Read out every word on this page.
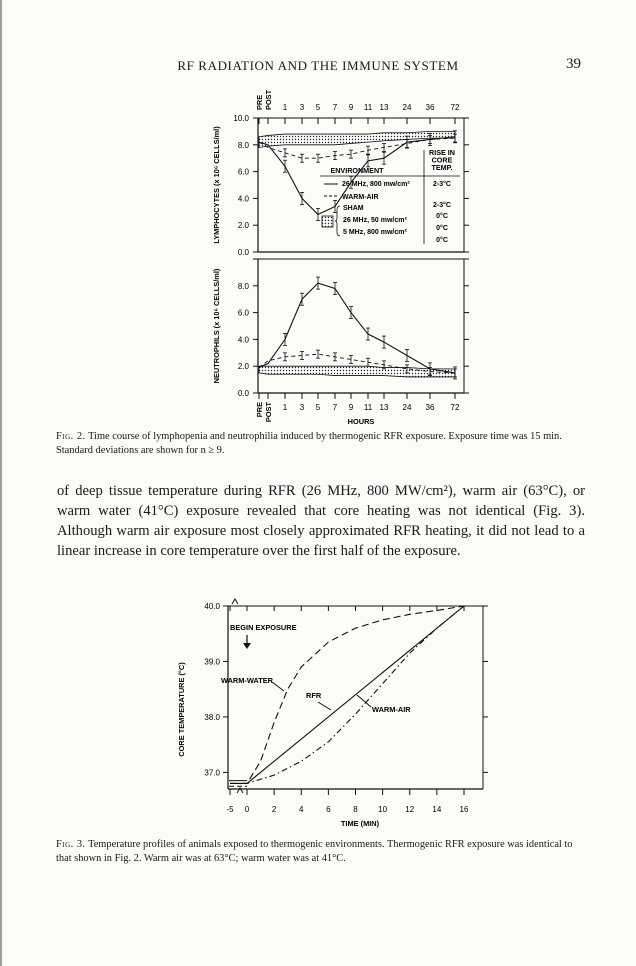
RF RADIATION AND THE IMMUNE SYSTEM	39
0.0
2.0
4.0
6.0
8.0
10.0
LYMPHOCYTES (x 10⁶ CELLS/ml)
PRE POST 1 3 5 7 9 11 13 24 36 72
0.0
2.0
4.0
6.0
8.0
NEUTROPHILS (x 10⁶ CELLS/ml)
PRE POST 1 3 5 7 9 11 13 24 36 72
HOURS
ENVIRONMENT
RISE IN
CORE
TEMP.
26 MHz, 800 mw/cm²	2-3°C
WARM-AIR
2-3°C
SHAM
0°C
26 MHz, 50 mw/cm²
0°C
5 MHz, 800 mw/cm²
0°C
Fig. 2. Time course of lymphopenia and neutrophilia induced by thermogenic RFR exposure. Exposure time was 15 min. Standard deviations are shown for n ≥ 9.

of deep tissue temperature during RFR (26 MHz, 800 MW/cm²), warm air (63°C), or warm water (41°C) exposure revealed that core heating was not identical (Fig. 3). Although warm air exposure most closely approximated RFR heating, it did not lead to a linear increase in core temperature over the first half of the exposure.

37.0
38.0
39.0
40.0
-5 0	2	4	6	8	10 12 14 16
TIME (MIN)
CORE TEMPERATURE (°C)
BEGIN EXPOSURE
WARM-WATER
RFR
WARM-AIR
Fig. 3. Temperature profiles of animals exposed to thermogenic environments. Thermogenic RFR exposure was identical to that shown in Fig. 2. Warm air was at 63°C; warm water was at 41°C.
